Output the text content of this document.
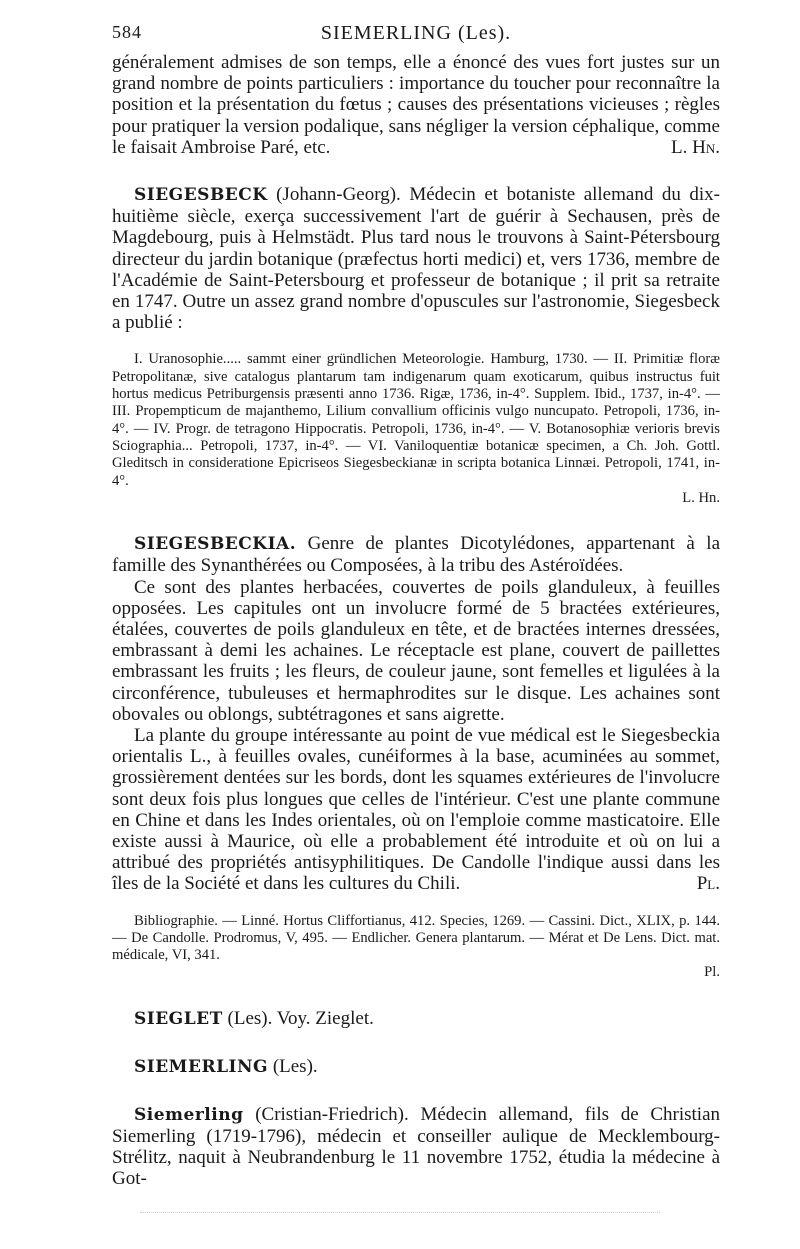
584	SIEMERLING (Les).

généralement admises de son temps, elle a énoncé des vues fort justes sur un grand nombre de points particuliers : importance du toucher pour reconnaître la position et la présentation du fœtus ; causes des présentations vicieuses ; règles pour pratiquer la version podalique, sans négliger la version céphalique, comme le faisait Ambroise Paré, etc.	L. Hn.

SIEGESBECK (Johann-Georg). Médecin et botaniste allemand du dix-huitième siècle, exerça successivement l'art de guérir à Sechausen, près de Magdebourg, puis à Helmstädt. Plus tard nous le trouvons à Saint-Pétersbourg directeur du jardin botanique (præfectus horti medici) et, vers 1736, membre de l'Académie de Saint-Petersbourg et professeur de botanique ; il prit sa retraite en 1747. Outre un assez grand nombre d'opuscules sur l'astronomie, Siegesbeck a publié :

I. Uranosophie..... sammt einer gründlichen Meteorologie. Hamburg, 1730. — II. Primitiæ floræ Petropolitanæ, sive catalogus plantarum tam indigenarum quam exoticarum, quibus instructus fuit hortus medicus Petriburgensis præsenti anno 1736. Rigæ, 1736, in-4°. Supplem. Ibid., 1737, in-4°. — III. Propempticum de majanthemo, Lilium convallium officinis vulgo nuncupato. Petropoli, 1736, in-4°. — IV. Progr. de tetragono Hippocratis. Petropoli, 1736, in-4°. — V. Botanosophiæ verioris brevis Sciographia... Petropoli, 1737, in-4°. — VI. Vaniloquentiæ botanicæ specimen, a Ch. Joh. Gottl. Gleditsch in consideratione Epicriseos Siegesbeckianæ in scripta botanica Linnæi. Petropoli, 1741, in-4°.

L. Hn.

SIEGESBECKIA. Genre de plantes Dicotylédones, appartenant à la famille des Synanthérées ou Composées, à la tribu des Astéroïdées.

Ce sont des plantes herbacées, couvertes de poils glanduleux, à feuilles opposées. Les capitules ont un involucre formé de 5 bractées extérieures, étalées, couvertes de poils glanduleux en tête, et de bractées internes dressées, embrassant à demi les achaines. Le réceptacle est plane, couvert de paillettes embrassant les fruits ; les fleurs, de couleur jaune, sont femelles et ligulées à la circonférence, tubuleuses et hermaphrodites sur le disque. Les achaines sont obovales ou oblongs, subtétragones et sans aigrette.

La plante du groupe intéressante au point de vue médical est le Siegesbeckia orientalis L., à feuilles ovales, cunéiformes à la base, acuminées au sommet, grossièrement dentées sur les bords, dont les squames extérieures de l'involucre sont deux fois plus longues que celles de l'intérieur. C'est une plante commune en Chine et dans les Indes orientales, où on l'emploie comme masticatoire. Elle existe aussi à Maurice, où elle a probablement été introduite et où on lui a attribué des propriétés antisyphilitiques. De Candolle l'indique aussi dans les îles de la Société et dans les cultures du Chili.	Pl.

Bibliographie. — Linné. Hortus Cliffortianus, 412. Species, 1269. — Cassini. Dict., XLIX, p. 144. — De Candolle. Prodromus, V, 495. — Endlicher. Genera plantarum. — Mérat et De Lens. Dict. mat. médicale, VI, 341.

Pl.

SIEGLET (Les). Voy. Zieglet.

SIEMERLING (Les).

Siemerling (Cristian-Friedrich). Médecin allemand, fils de Christian Siemerling (1719-1796), médecin et conseiller aulique de Mecklembourg-Strélitz, naquit à Neubrandenburg le 11 novembre 1752, étudia la médecine à Got-
